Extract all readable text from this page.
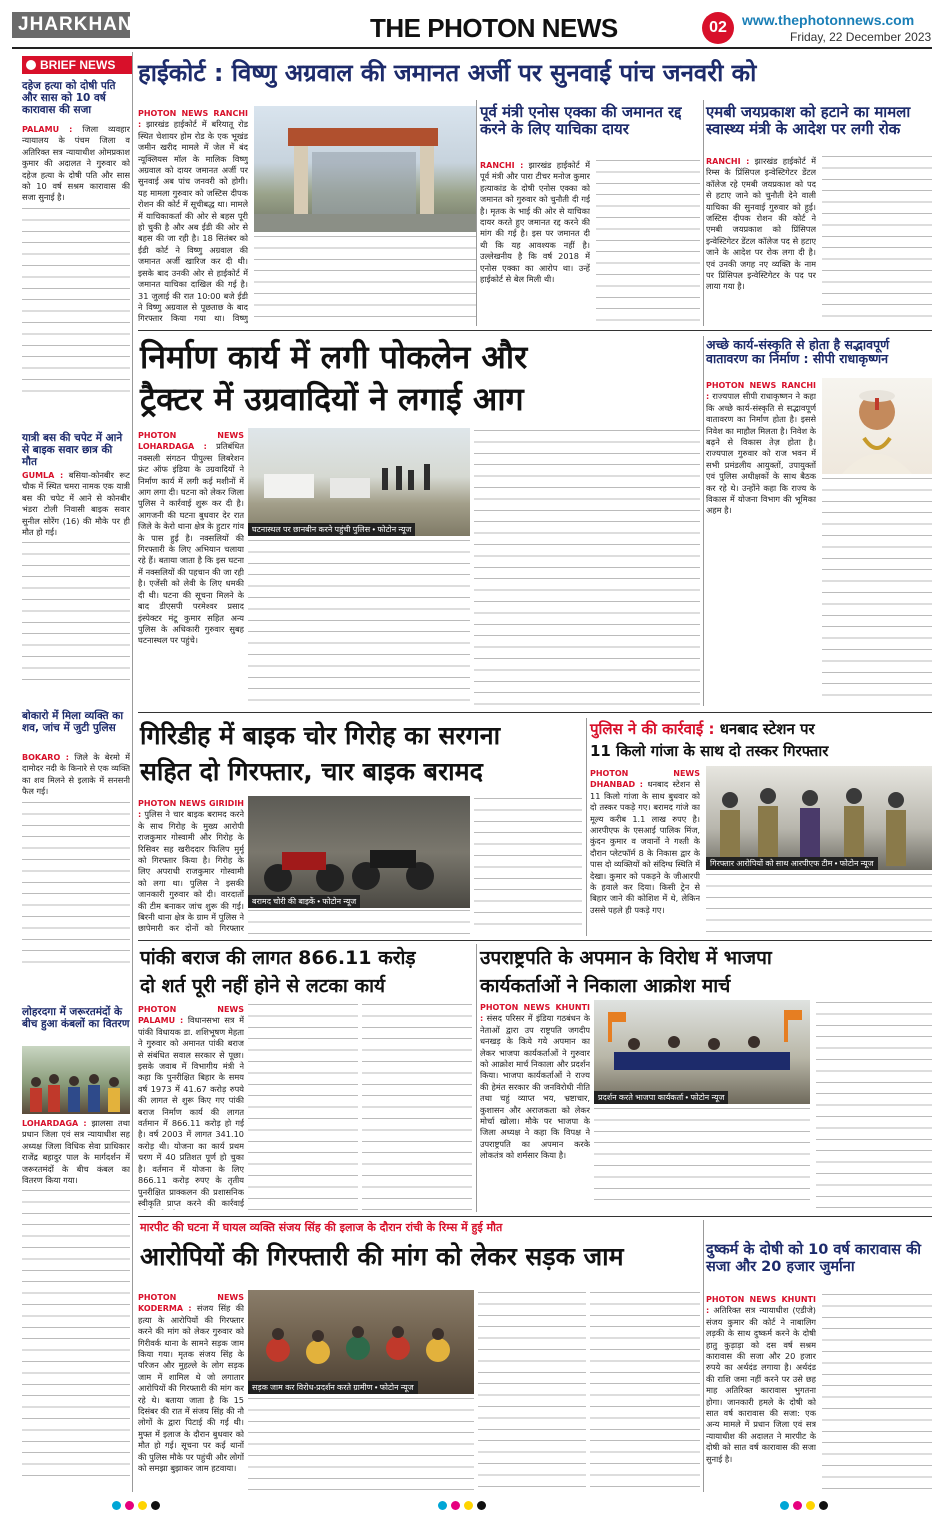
JHARKHAND	THE PHOTON NEWS	02	www.thephotonnews.com
Friday, 22 December 2023
BRIEF NEWS
दहेज हत्या को दोषी पति और सास को 10 वर्ष कारावास की सजा
PALAMU : जिला व्यवहार न्यायालय के पंचम जिला व अतिरिक्त सत्र न्यायाधीश ओमप्रकाश कुमार की अदालत ने गुरुवार को दहेज हत्या के दोषी पति और सास को 10 वर्ष सश्रम कारावास की सजा सुनाई है।
यात्री बस की चपेट में आने से बाइक सवार छात्र की मौत
GUMLA : बसिया-कोनबीर रूट चौक में स्थित चमरा नामक एक यात्री बस की चपेट में आने से कोनबीर भंडरा टोली निवासी बाइक सवार सुनील सोरेंग (16) की मौके पर ही मौत हो गई।
बोकारो में मिला व्यक्ति का शव, जांच में जुटी पुलिस
BOKARO : जिले के बेरमो में दामोदर नदी के किनारे से एक व्यक्ति का शव मिलने से इलाके में सनसनी फैल गई।
लोहरदगा में जरूरतमंदों के बीच हुआ कंबलों का वितरण
LOHARDAGA : झालसा तथा प्रधान जिला एवं सत्र न्यायाधीश सह अध्यक्ष जिला विधिक सेवा प्राधिकार राजेंद्र बहादुर पाल के मार्गदर्शन में जरूरतमंदों के बीच कंबल का वितरण किया गया।
हाईकोर्ट : विष्णु अग्रवाल की जमानत अर्जी पर सुनवाई पांच जनवरी को
PHOTON NEWS RANCHI : झारखंड हाईकोर्ट में बरियातू रोड स्थित चेशायर होम रोड के एक भूखंड जमीन खरीद मामले में जेल में बंद न्यूक्लियस मॉल के मालिक विष्णु अग्रवाल को दायर जमानत अर्जी पर सुनवाई अब पांच जनवरी को होगी। यह मामला गुरुवार को जस्टिस दीपक रोशन की कोर्ट में सूचीबद्ध था। मामले में याचिकाकर्ता की ओर से बहस पूरी हो चुकी है और अब ईडी की ओर से बहस की जा रही है। 18 सितंबर को ईडी कोर्ट ने विष्णु अग्रवाल की जमानत अर्जी खारिज कर दी थी। इसके बाद उनकी ओर से हाईकोर्ट में जमानत याचिका दाखिल की गई है। 31 जुलाई की रात 10:00 बजे ईडी ने विष्णु अग्रवाल से पूछताछ के बाद गिरफ्तार किया गया था। विष्णु
पूर्व मंत्री एनोस एक्का की जमानत रद्द करने के लिए याचिका दायर
RANCHI : झारखंड हाईकोर्ट में पूर्व मंत्री और पारा टीचर मनोज कुमार हत्याकांड के दोषी एनोस एक्का को जमानत को गुरुवार को चुनौती दी गई है। मृतक के भाई की ओर से याचिका दायर करते हुए जमानत रद्द करने की मांग की गई है। इस पर जमानत दी थी कि यह आवश्यक नहीं है। उल्लेखनीय है कि वर्ष 2018 में एनोस एक्का का आरोप था। उन्हें हाईकोर्ट से बेल मिली थी।
एमबी जयप्रकाश को हटाने का मामला स्वास्थ्य मंत्री के आदेश पर लगी रोक
RANCHI : झारखंड हाईकोर्ट में रिम्स के प्रिंसिपल इन्वेस्टिगेटर डेंटल कॉलेज रहे एमबी जयप्रकाश को पद से हटाए जाने को चुनौती देने वाली याचिका की सुनवाई गुरुवार को हुई। जस्टिस दीपक रोशन की कोर्ट ने एमबी जयप्रकाश को प्रिंसिपल इन्वेस्टिगेटर डेंटल कॉलेज पद से हटाए जाने के आदेश पर रोक लगा दी है। एवं उनकी जगह नए व्यक्ति के नाम पर प्रिंसिपल इन्वेस्टिगेटर के पद पर लाया गया है।
निर्माण कार्य में लगी पोकलेन और
ट्रैक्टर में उग्रवादियों ने लगाई आग
घटनास्थल पर छानबीन करने पहुंची पुलिस • फोटोन न्यूज
PHOTON NEWS LOHARDAGA : प्रतिबंधित नक्सली संगठन पीपुल्स लिबरेशन फ्रंट ऑफ इंडिया के उग्रवादियों ने निर्माण कार्य में लगी कई मशीनों में आग लगा दी। घटना को लेकर जिला पुलिस ने कार्रवाई शुरू कर दी है। आगजनी की घटना बुधवार देर रात जिले के केरो थाना क्षेत्र के हुटार गांव के पास हुई है। नक्सलियों की गिरफ्तारी के लिए अभियान चलाया रहे हैं। बताया जाता है कि इस घटना में नक्सलियों की पहचान की जा रही है। एजेंसी को लेवी के लिए धमकी दी थी। घटना की सूचना मिलने के बाद डीएसपी परमेश्वर प्रसाद इंस्पेक्टर मंटू कुमार सहित अन्य पुलिस के अधिकारी गुरुवार सुबह घटनास्थल पर पहुंचे।
अच्छे कार्य-संस्कृति से होता है सद्भावपूर्ण वातावरण का निर्माण : सीपी राधाकृष्णन
PHOTON NEWS RANCHI : राज्यपाल सीपी राधाकृष्णन ने कहा कि अच्छे कार्य-संस्कृति से सद्भावपूर्ण वातावरण का निर्माण होता है। इससे निवेश का माहौल मिलता है। निवेश के बढ़ने से विकास तेज़ होता है। राज्यपाल गुरुवार को राज भवन में सभी प्रमंडलीय आयुक्तों, उपायुक्तों एवं पुलिस अधीक्षकों के साथ बैठक कर रहे थे। उन्होंने कहा कि राज्य के विकास में योजना विभाग की भूमिका अहम है।
गिरिडीह में बाइक चोर गिरोह का सरगना
सहित दो गिरफ्तार, चार बाइक बरामद
बरामद चोरी की बाइकें • फोटोन न्यूज
PHOTON NEWS GIRIDIH : पुलिस ने चार बाइक बरामद करने के साथ गिरोह के मुख्य आरोपी राजकुमार गोस्वामी और गिरोह के रिसिवर सह खरीददार फिलिप मुर्मू को गिरफ्तार किया है। गिरोह के लिए अपराधी राजकुमार गोस्वामी को लगा था। पुलिस ने इसकी जानकारी गुरुवार को दी। वारदातों की टीम बनाकर जांच शुरू की गई। बिरनी थाना क्षेत्र के ग्राम में पुलिस ने छापेमारी कर दोनों को गिरफ्तार
पुलिस ने की कार्रवाई : धनबाद स्टेशन पर
11 किलो गांजा के साथ दो तस्कर गिरफ्तार
गिरफ्तार आरोपियों को साथ आरपीएफ टीम • फोटोन न्यूज
PHOTON NEWS DHANBAD : धनबाद स्टेशन से 11 किलो गांजा के साथ बुधवार को दो तस्कर पकड़े गए। बरामद गांजे का मूल्य करीब 1.1 लाख रुपए है। आरपीएफ के एसआई पालिक मिंज, कुंदन कुमार व जवानों ने गश्ती के दौरान प्लेटफॉर्म 8 के निकास द्वार के पास दो व्यक्तियों को संदिग्ध स्थिति में देखा। कुमार को पकड़ने के जीआरपी के हवाले कर दिया। किसी ट्रेन से बिहार जाने की कोशिश में थे, लेकिन उससे पहले ही पकड़े गए।
पांकी बराज की लागत 866.11 करोड़
दो शर्त पूरी नहीं होने से लटका कार्य
PHOTON NEWS PALAMU : विधानसभा सत्र में पांकी विधायक डा. शशिभूषण मेहता ने गुरुवार को अमानत पांकी बराज से संबंधित सवाल सरकार से पूछा। इसके जवाब में विभागीय मंत्री ने कहा कि पुनरीक्षित बिहार के समय वर्ष 1973 में 41.67 करोड़ रुपये की लागत से शुरू किए गए पांकी बराज निर्माण कार्य की लागत वर्तमान में 866.11 करोड़ हो गई है। वर्ष 2003 में लागत 341.10 करोड़ थी। योजना का कार्य प्रथम चरण में 40 प्रतिशत पूर्ण हो चुका है। वर्तमान में योजना के लिए 866.11 करोड़ रुपए के तृतीय पुनरीक्षित प्राक्कलन की प्रशासनिक स्वीकृति प्राप्त करने की कार्रवाई
उपराष्ट्रपति के अपमान के विरोध में भाजपा
कार्यकर्ताओं ने निकाला आक्रोश मार्च
प्रदर्शन करते भाजपा कार्यकर्ता • फोटोन न्यूज
PHOTON NEWS KHUNTI : संसद परिसर में इंडिया गठबंधन के नेताओं द्वारा उप राष्ट्रपति जगदीप धनखड़ के किये गये अपमान का लेकर भाजपा कार्यकर्ताओं ने गुरुवार को आक्रोश मार्च निकाला और प्रदर्शन किया। भाजपा कार्यकर्ताओं ने राज्य की हेमंत सरकार की जनविरोधी नीति तथा चहुं व्याप्त भय, भ्रष्टाचार, कुशासन और अराजकता को लेकर मोर्चा खोला। मौके पर भाजपा के जिला अध्यक्ष ने कहा कि विपक्ष ने उपराष्ट्रपति का अपमान करके लोकतंत्र को शर्मसार किया है।
मारपीट की घटना में घायल व्यक्ति संजय सिंह की इलाज के दौरान रांची के रिम्स में हुई मौत
आरोपियों की गिरफ्तारी की मांग को लेकर सड़क जाम
सड़क जाम कर विरोध-प्रदर्शन करते ग्रामीण • फोटोन न्यूज
PHOTON NEWS KODERMA : संजय सिंह की हत्या के आरोपियों की गिरफ्तार करने की मांग को लेकर गुरुवार को गिरीवर्क थाना के सामने सड़क जाम किया गया। मृतक संजय सिंह के परिजन और मुहल्ले के लोग सड़क जाम में शामिल थे जो लगातार आरोपियों की गिरफ्तारी की मांग कर रहे थे। बताया जाता है कि 15 दिसंबर की रात में संजय सिंह की नौ लोगों के द्वारा पिटाई की गई थी। मुफ्त में इलाज के दौरान बुधवार को मौत हो गई। सूचना पर कई थानों की पुलिस मौके पर पहुंची और लोगों को समझा बुझाकर जाम हटवाया।
दुष्कर्म के दोषी को 10 वर्ष कारावास की सजा और 20 हजार जुर्माना
PHOTON NEWS KHUNTI : अतिरिक्त सत्र न्यायाधीश (एडीजे) संजय कुमार की कोर्ट ने नाबालिग लड़की के साथ दुष्कर्म करने के दोषी हातु कुड़ाड़ा को दस वर्ष सश्रम कारावास की सजा और 20 हजार रुपये का अर्थदंड लगाया है। अर्थदंड की राशि जमा नहीं करने पर उसे छह माह अतिरिक्त कारावास भुगतना होगा। जानकारी हमले के दोषी को सात वर्ष कारावास की सजा: एक अन्य मामले में प्रधान जिला एवं सत्र न्यायाधीश की अदालत ने मारपीट के दोषी को सात वर्ष कारावास की सजा सुनाई है।
